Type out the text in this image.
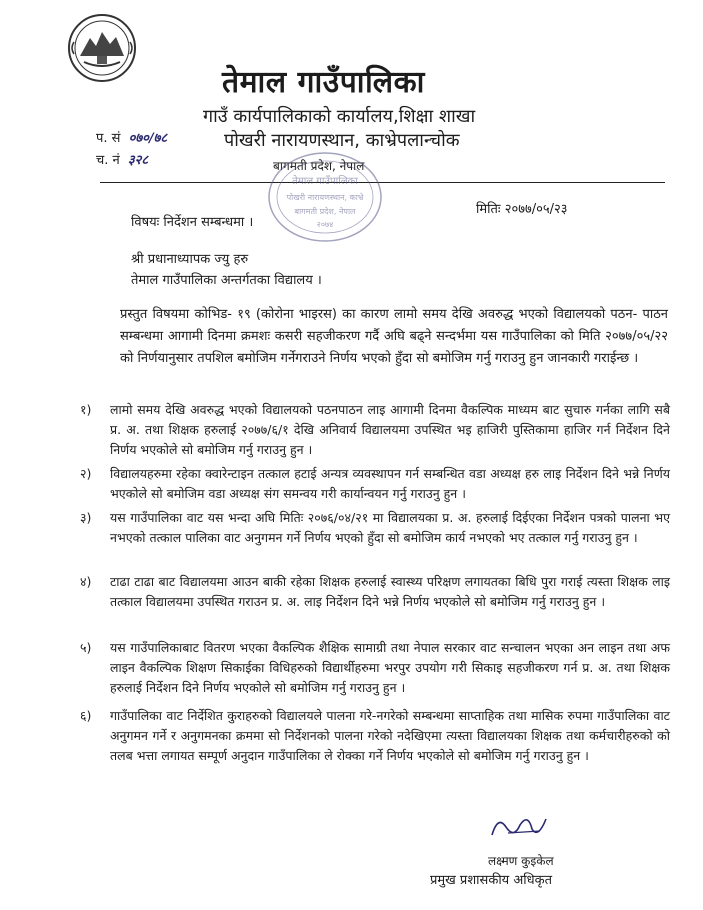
तेमाल गाउँपालिका
गाउँ कार्यपालिकाको कार्यालय,शिक्षा शाखा
पोखरी नारायणस्थान, काभ्रेपलान्चोक
बागमती प्रदेश, नेपाल
प. सं ०७०/७८
च. नं ३२८
तेमाल गाउँपालिका
पोखरी नारायणस्थान, काभ्रे
बागमती प्रदेश, नेपाल
२०७४
मितिः २०७७/०५/२३
विषयः निर्देशन सम्बन्धमा ।
श्री प्रधानाध्यापक ज्यु हरु
तेमाल गाउँपालिका अन्तर्गतका विद्यालय ।
प्रस्तुत विषयमा कोभिड- १९ (कोरोना भाइरस) का कारण लामो समय देखि अवरुद्ध भएको विद्यालयको पठन- पाठन सम्बन्धमा आगामी दिनमा क्रमशः कसरी सहजीकरण गर्दै अघि बढ्ने सन्दर्भमा यस गाउँपालिका को मिति २०७७/०५/२२ को निर्णयानुसार तपशिल बमोजिम गर्नेगराउने निर्णय भएको हुँदा सो बमोजिम गर्नु गराउनु हुन जानकारी गराईन्छ ।
१)	लामो समय देखि अवरुद्ध भएको विद्यालयको पठनपाठन लाइ आगामी दिनमा वैकल्पिक माध्यम बाट सुचारु गर्नका लागि सबै प्र. अ. तथा शिक्षक हरुलाई २०७७/६/१ देखि अनिवार्य विद्यालयमा उपस्थित भइ हाजिरी पुस्तिकामा हाजिर गर्न निर्देशन दिने निर्णय भएकोले सो बमोजिम गर्नु गराउनु हुन ।
२)	विद्यालयहरुमा रहेका क्वारेन्टाइन तत्काल हटाई अन्यत्र व्यवस्थापन गर्न सम्बन्धित वडा अध्यक्ष हरु लाइ निर्देशन दिने भन्ने निर्णय भएकोले सो बमोजिम वडा अध्यक्ष संग समन्वय गरी कार्यान्वयन गर्नु गराउनु हुन ।
३)	यस गाउँपालिका वाट यस भन्दा अघि मितिः २०७६/०४/२१ मा विद्यालयका प्र. अ. हरुलाई दिईएका निर्देशन पत्रको पालना भए नभएको तत्काल पालिका वाट अनुगमन गर्ने निर्णय भएको हुँदा सो बमोजिम कार्य नभएको भए तत्काल गर्नु गराउनु हुन ।
४)	टाढा टाढा बाट विद्यालयमा आउन बाकी रहेका शिक्षक हरुलाई स्वास्थ्य परिक्षण लगायतका बिधि पुरा गराई त्यस्ता शिक्षक लाइ तत्काल विद्यालयमा उपस्थित गराउन प्र. अ. लाइ निर्देशन दिने भन्ने निर्णय भएकोले सो बमोजिम गर्नु गराउनु हुन ।
५)	यस गाउँपालिकाबाट वितरण भएका वैकल्पिक शैक्षिक सामाग्री तथा नेपाल सरकार वाट सन्चालन भएका अन लाइन तथा अफ लाइन वैकल्पिक शिक्षण सिकाईका विधिहरुको विद्यार्थीहरुमा भरपुर उपयोग गरी सिकाइ सहजीकरण गर्न प्र. अ. तथा शिक्षक हरुलाई निर्देशन दिने निर्णय भएकोले सो बमोजिम गर्नु गराउनु हुन ।
६)	गाउँपालिका वाट निर्देशित कुराहरुको विद्यालयले पालना गरे-नगरेको सम्बन्धमा साप्ताहिक तथा मासिक रुपमा गाउँपालिका वाट अनुगमन गर्ने र अनुगमनका क्रममा सो निर्देशनको पालना गरेको नदेखिएमा त्यस्ता विद्यालयका शिक्षक तथा कर्मचारीहरुको को तलब भत्ता लगायत सम्पूर्ण अनुदान गाउँपालिका ले रोक्का गर्ने निर्णय भएकोले सो बमोजिम गर्नु गराउनु हुन ।
लक्ष्मण कुइकेल
प्रमुख प्रशासकीय अधिकृत
